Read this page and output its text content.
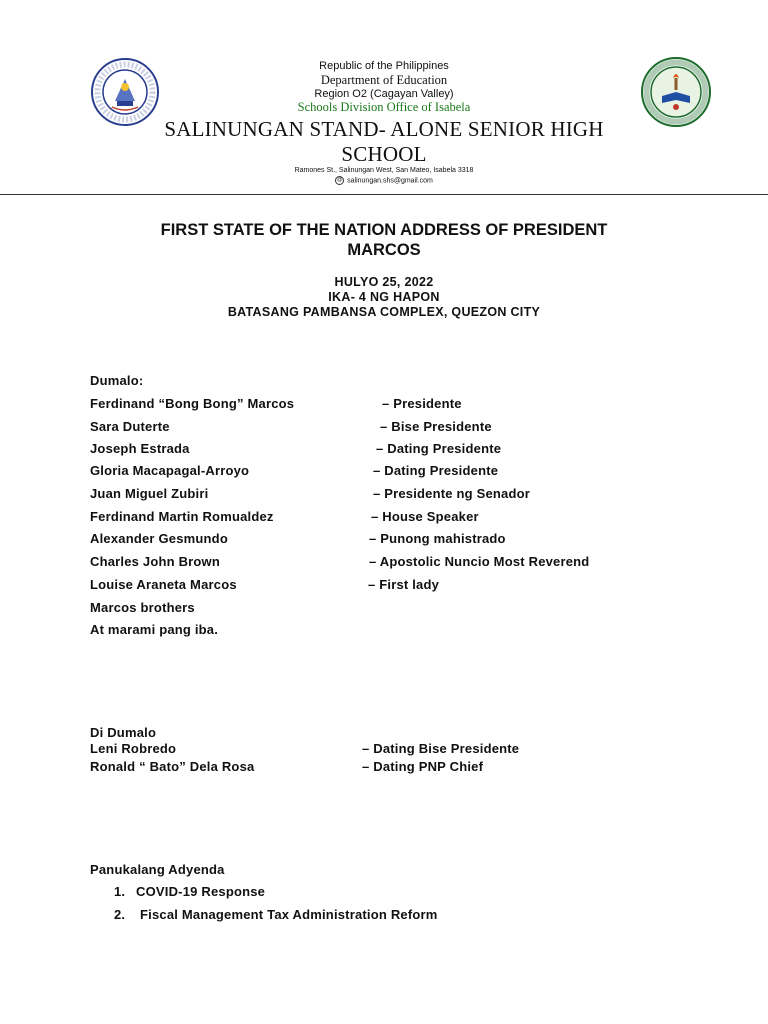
Republic of the Philippines
Department of Education
Region O2 (Cagayan Valley)
Schools Division Office of Isabela
SALINUNGAN STAND- ALONE SENIOR HIGH
SCHOOL
Ramones St., Salinungan West, San Mateo, Isabela 3318
@ salinungan.shs@gmail.com
FIRST STATE OF THE NATION ADDRESS OF PRESIDENT
MARCOS
HULYO 25, 2022
IKA- 4 NG HAPON
BATASANG PAMBANSA COMPLEX, QUEZON CITY
Dumalo:
Ferdinand “Bong Bong” Marcos	– Presidente
Sara Duterte	– Bise Presidente
Joseph Estrada	– Dating Presidente
Gloria Macapagal-Arroyo	– Dating Presidente
Juan Miguel Zubiri	– Presidente ng Senador
Ferdinand Martin Romualdez	– House Speaker
Alexander Gesmundo	– Punong mahistrado
Charles John Brown	– Apostolic Nuncio Most Reverend
Louise Araneta Marcos	– First lady
Marcos brothers
At marami pang iba.
Di Dumalo
Leni Robredo	– Dating Bise Presidente
Ronald “ Bato” Dela Rosa	– Dating PNP Chief
Panukalang Adyenda
1. COVID-19 Response
2. Fiscal Management Tax Administration Reform
